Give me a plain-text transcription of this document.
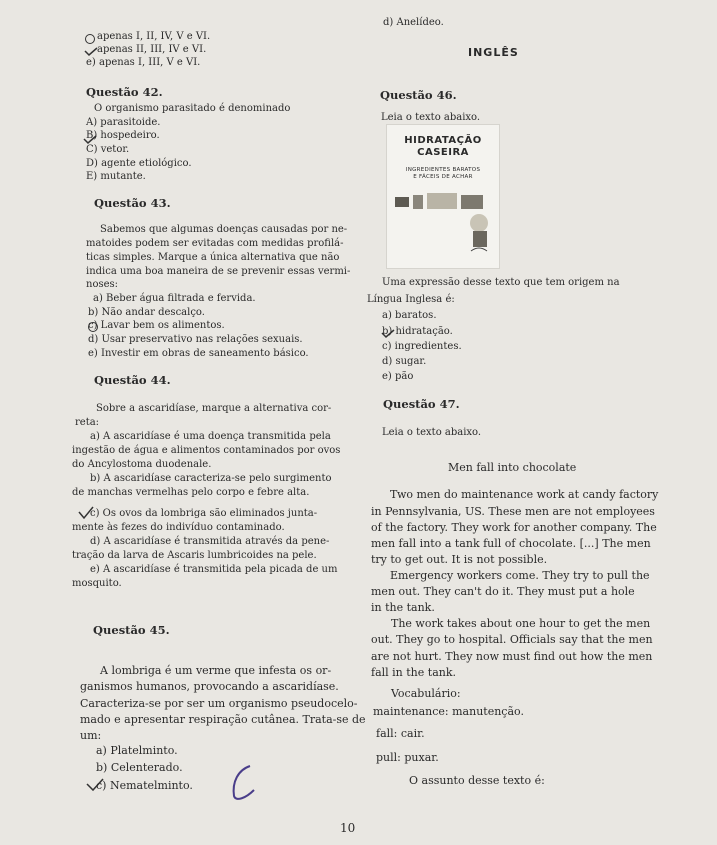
apenas I, II, IV, V e VI.
apenas II, III, IV e VI.
e) apenas I, III, V e VI.
Questão 42.
O organismo parasitado é denominado
A) parasitoide.
B) hospedeiro.
C) vetor.
D) agente etiológico.
E) mutante.
Questão 43.
Sabemos que algumas doenças causadas por ne-
matoides podem ser evitadas com medidas profilá-
ticas simples. Marque a única alternativa que não
indica uma boa maneira de se prevenir essas vermi-
noses:
a) Beber água filtrada e fervida.
b) Não andar descalço.
c) Lavar bem os alimentos.
d) Usar preservativo nas relações sexuais.
e) Investir em obras de saneamento básico.
Questão 44.
Sobre a ascaridíase, marque a alternativa cor-
reta:
a) A ascaridíase é uma doença transmitida pela
ingestão de água e alimentos contaminados por ovos
do Ancylostoma duodenale.
b) A ascaridíase caracteriza-se pelo surgimento
de manchas vermelhas pelo corpo e febre alta.
c) Os ovos da lombriga são eliminados junta-
mente às fezes do indivíduo contaminado.
d) A ascaridíase é transmitida através da pene-
tração da larva de Ascaris lumbricoides na pele.
e) A ascaridíase é transmitida pela picada de um
mosquito.
Questão 45.
A lombriga é um verme que infesta os or-
ganismos humanos, provocando a ascaridíase.
Caracteriza-se por ser um organismo pseudocelo-
mado e apresentar respiração cutânea. Trata-se de
um:
a) Platelminto.
b) Celenterado.
c) Nematelminto.
d) Anelídeo.
INGLÊS
Questão 46.
Leia o texto abaixo.
HIDRATAÇÃO
CASEIRA
INGREDIENTES BARATOS
E FÁCEIS DE ACHAR
Uma expressão desse texto que tem origem na
Língua Inglesa é:
a) baratos.
b) hidratação.
c) ingredientes.
d) sugar.
e) pão
Questão 47.
Leia o texto abaixo.
Men fall into chocolate
Two men do maintenance work at candy factory
in Pennsylvania, US. These men are not employees
of the factory. They work for another company. The
men fall into a tank full of chocolate. [...] The men
try to get out. It is not possible.
Emergency workers come. They try to pull the
men out. They can't do it. They must put a hole
in the tank.
The work takes about one hour to get the men
out. They go to hospital. Officials say that the men
are not hurt. They now must find out how the men
fall in the tank.
Vocabulário:
maintenance: manutenção.
fall: cair.
pull: puxar.
O assunto desse texto é:
10
